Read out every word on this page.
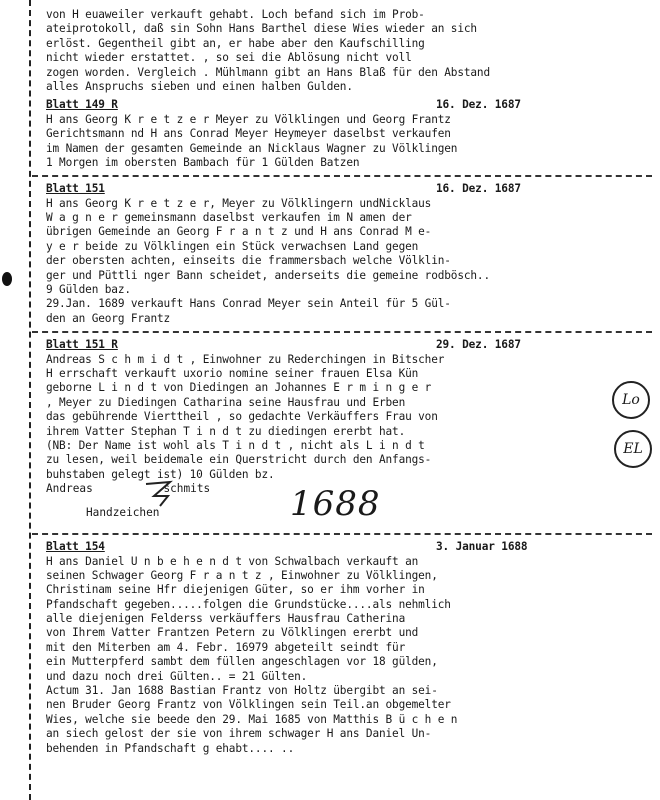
Lo
EL
von H euaweiler verkauft gehabt. Loch befand sich im Prob-
ateiprotokoll, daß sin Sohn Hans Barthel diese Wies wieder an sich
erlöst. Gegentheil gibt an, er habe aber den Kaufschilling
nicht wieder erstattet. , so sei die Ablösung nicht voll
zogen worden. Vergleich . Mühlmann gibt an Hans Blaß für den Abstand
alles Anspruchs sieben und einen halben Gulden.
Blatt 149 R	16. Dez. 1687
H ans Georg K r e t z e r Meyer zu Völklingen und Georg Frantz
Gerichtsmann nd H ans Conrad Meyer Heymeyer daselbst verkaufen
im Namen der gesamten Gemeinde an Nicklaus Wagner zu Völklingen
1 Morgen im obersten Bambach für 1 Gülden Batzen
Blatt 151	16. Dez. 1687
H ans Georg K r e t z e r, Meyer zu Völklingern undNicklaus
W a g n e r gemeinsmann daselbst verkaufen im N amen der
übrigen Gemeinde an Georg F r a n t z und H ans Conrad M e-
y e r beide zu Völklingen ein Stück verwachsen Land gegen
der obersten achten, einseits die frammersbach welche Völklin-
ger und Püttli nger Bann scheidet, anderseits die gemeine rodbösch..
9 Gülden baz.
29.Jan. 1689 verkauft Hans Conrad Meyer sein Anteil für 5 Gül-
den an Georg Frantz
Blatt 151 R	29. Dez. 1687
Andreas S c h m i d t , Einwohner zu Rederchingen in Bitscher
H errschaft verkauft uxorio nomine seiner frauen Elsa Kün
geborne L i n d t von Diedingen an Johannes E r m i n g e r
, Meyer zu Diedingen Catharina seine Hausfrau und Erben
das gebührende Vierttheil , so gedachte Verkäuffers Frau von
ihrem Vatter Stephan T i n d t zu diedingen ererbt hat.
(NB: Der Name ist wohl als T i n d t , nicht als L i n d t
zu lesen, weil beidemale ein Querstricht durch den Anfangs-
buhstaben gelegt ist) 10 Gülden bz.
Andreas	schmits
Handzeichen	1688
Blatt 154	3. Januar 1688
H ans Daniel U n b e h e n d t von Schwalbach verkauft an
seinen Schwager Georg F r a n t z , Einwohner zu Völklingen,
Christinam seine Hfr diejenigen Güter, so er ihm vorher in
Pfandschaft gegeben.....folgen die Grundstücke....als nehmlich
alle diejenigen Felderss verkäuffers Hausfrau Catherina
von Ihrem Vatter Frantzen Petern zu Völklingen ererbt und
mit den Miterben am 4. Febr. 16979 abgeteilt seindt für
ein Mutterpferd sambt dem füllen angeschlagen vor 18 gülden,
und dazu noch drei Gülten.. = 21 Gülten.
Actum 31. Jan 1688 Bastian Frantz von Holtz übergibt an sei-
nen Bruder Georg Frantz von Völklingen sein Teil.an obgemelter
Wies, welche sie beede den 29. Mai 1685 von Matthis B ü c h e n
an siech gelost der sie von ihrem schwager H ans Daniel Un-
behenden in Pfandschaft g ehabt.... ..
